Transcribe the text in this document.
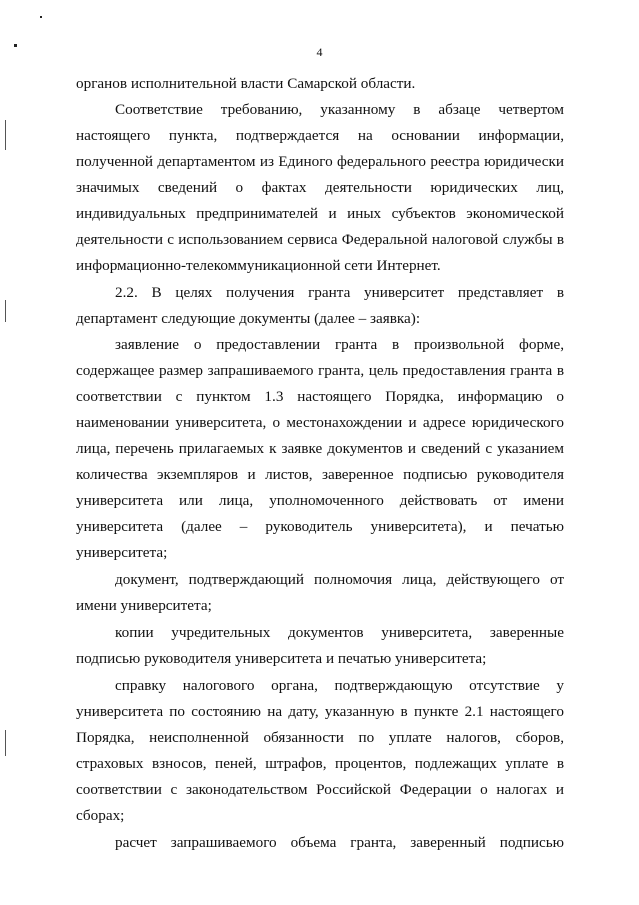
4
органов исполнительной власти Самарской области.
Соответствие требованию, указанному в абзаце четвертом
настоящего пункта, подтверждается на основании информации,
полученной департаментом из Единого федерального реестра юридически
значимых сведений о фактах деятельности юридических лиц,
индивидуальных предпринимателей и иных субъектов экономической
деятельности с использованием сервиса Федеральной налоговой службы в
информационно-телекоммуникационной сети Интернет.
2.2. В целях получения гранта университет представляет в
департамент следующие документы (далее – заявка):
заявление о предоставлении гранта в произвольной форме,
содержащее размер запрашиваемого гранта, цель предоставления гранта в
соответствии с пунктом 1.3 настоящего Порядка, информацию о
наименовании университета, о местонахождении и адресе юридического
лица, перечень прилагаемых к заявке документов и сведений с указанием
количества экземпляров и листов, заверенное подписью руководителя
университета или лица, уполномоченного действовать от имени
университета (далее – руководитель университета), и печатью
университета;
документ, подтверждающий полномочия лица, действующего от
имени университета;
копии учредительных документов университета, заверенные
подписью руководителя университета и печатью университета;
справку налогового органа, подтверждающую отсутствие у
университета по состоянию на дату, указанную в пункте 2.1 настоящего
Порядка, неисполненной обязанности по уплате налогов, сборов,
страховых взносов, пеней, штрафов, процентов, подлежащих уплате в
соответствии с законодательством Российской Федерации о налогах и
сборах;
расчет запрашиваемого объема гранта, заверенный подписью
